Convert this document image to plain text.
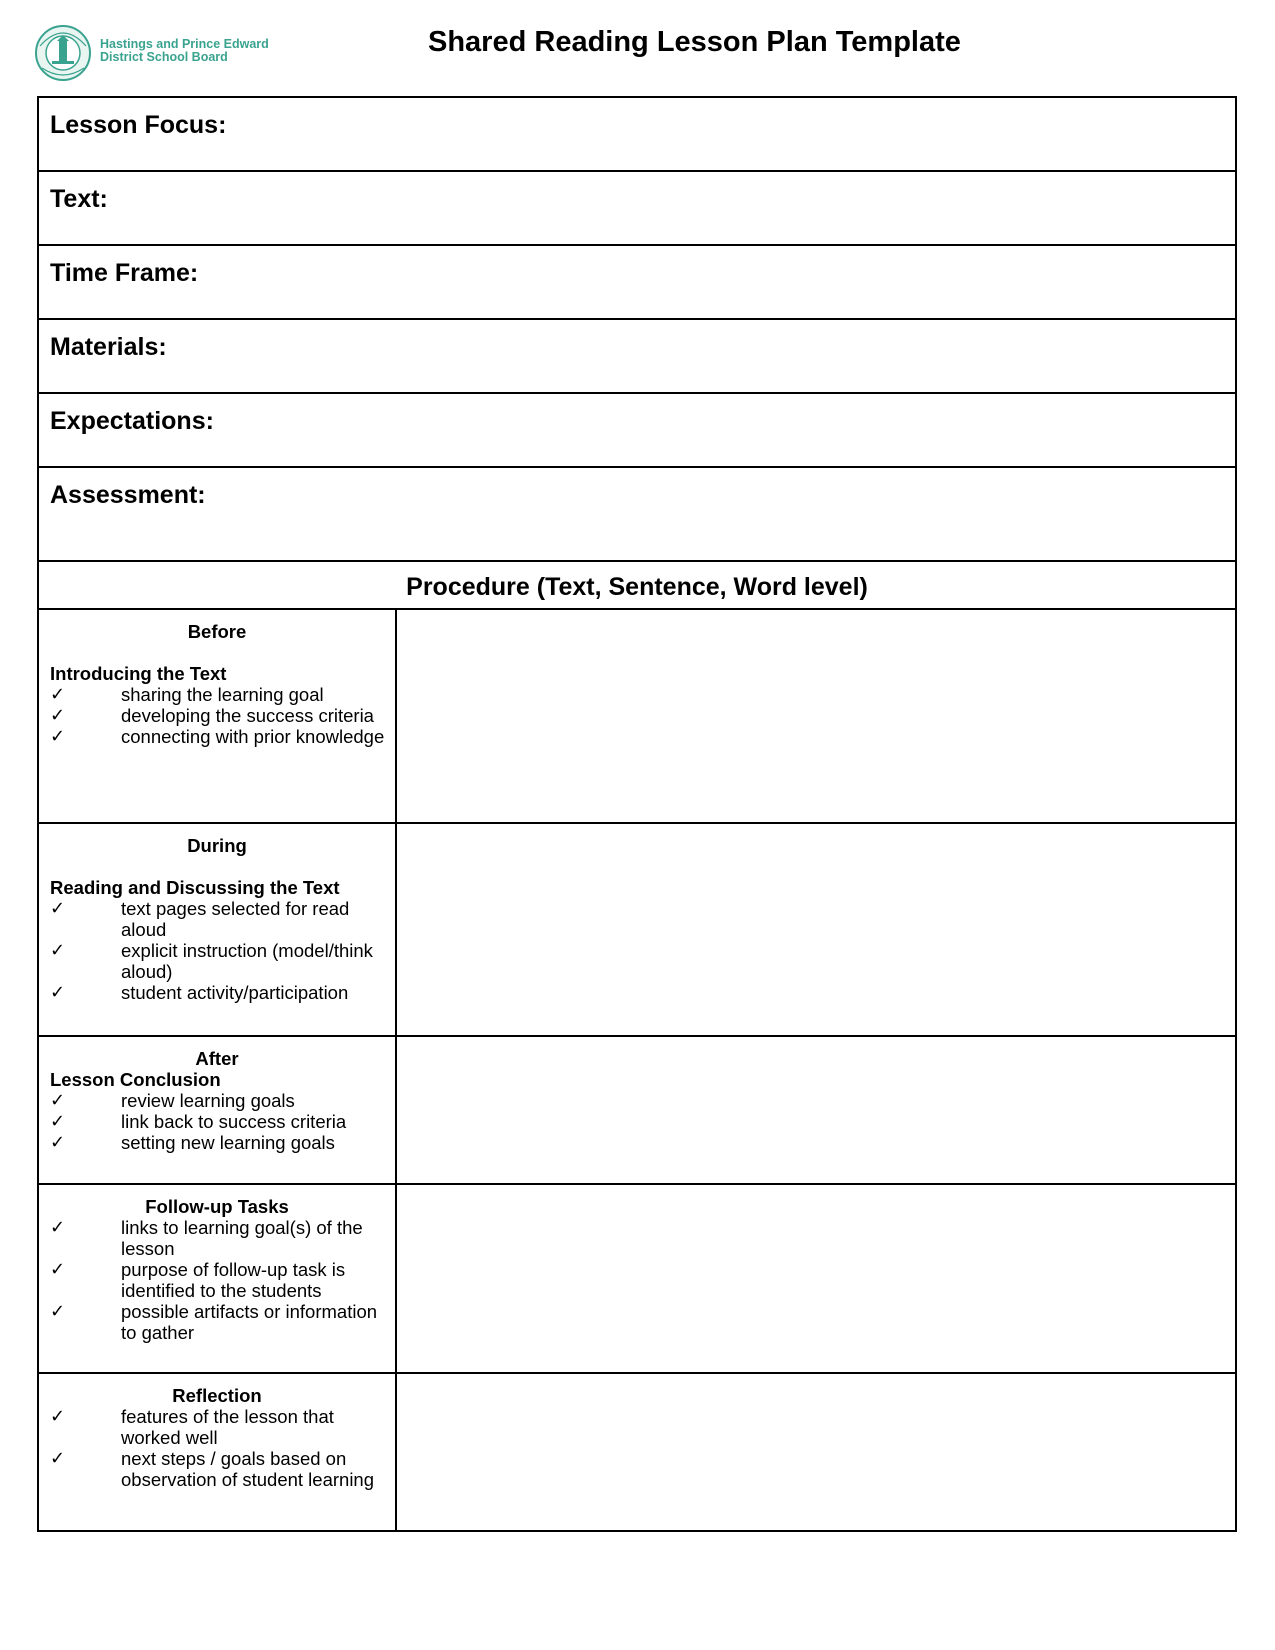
Hastings and Prince Edward
District School Board	Shared Reading Lesson Plan Template
Lesson Focus:
Text:
Time Frame:
Materials:
Expectations:
Assessment:
Procedure (Text, Sentence, Word level)
Before
Introducing the Text
✓	sharing the learning goal
✓	developing the success criteria
✓	connecting with prior knowledge
During
Reading and Discussing the Text
✓	text pages selected for read aloud
✓	explicit instruction (model/think aloud)
✓	student activity/participation
After
Lesson Conclusion
✓	review learning goals
✓	link back to success criteria
✓	setting new learning goals
Follow-up Tasks
✓	links to learning goal(s) of the lesson
✓	purpose of follow-up task is identified to the students
✓	possible artifacts or information to gather
Reflection
✓	features of the lesson that worked well
✓	next steps / goals based on observation of student learning
